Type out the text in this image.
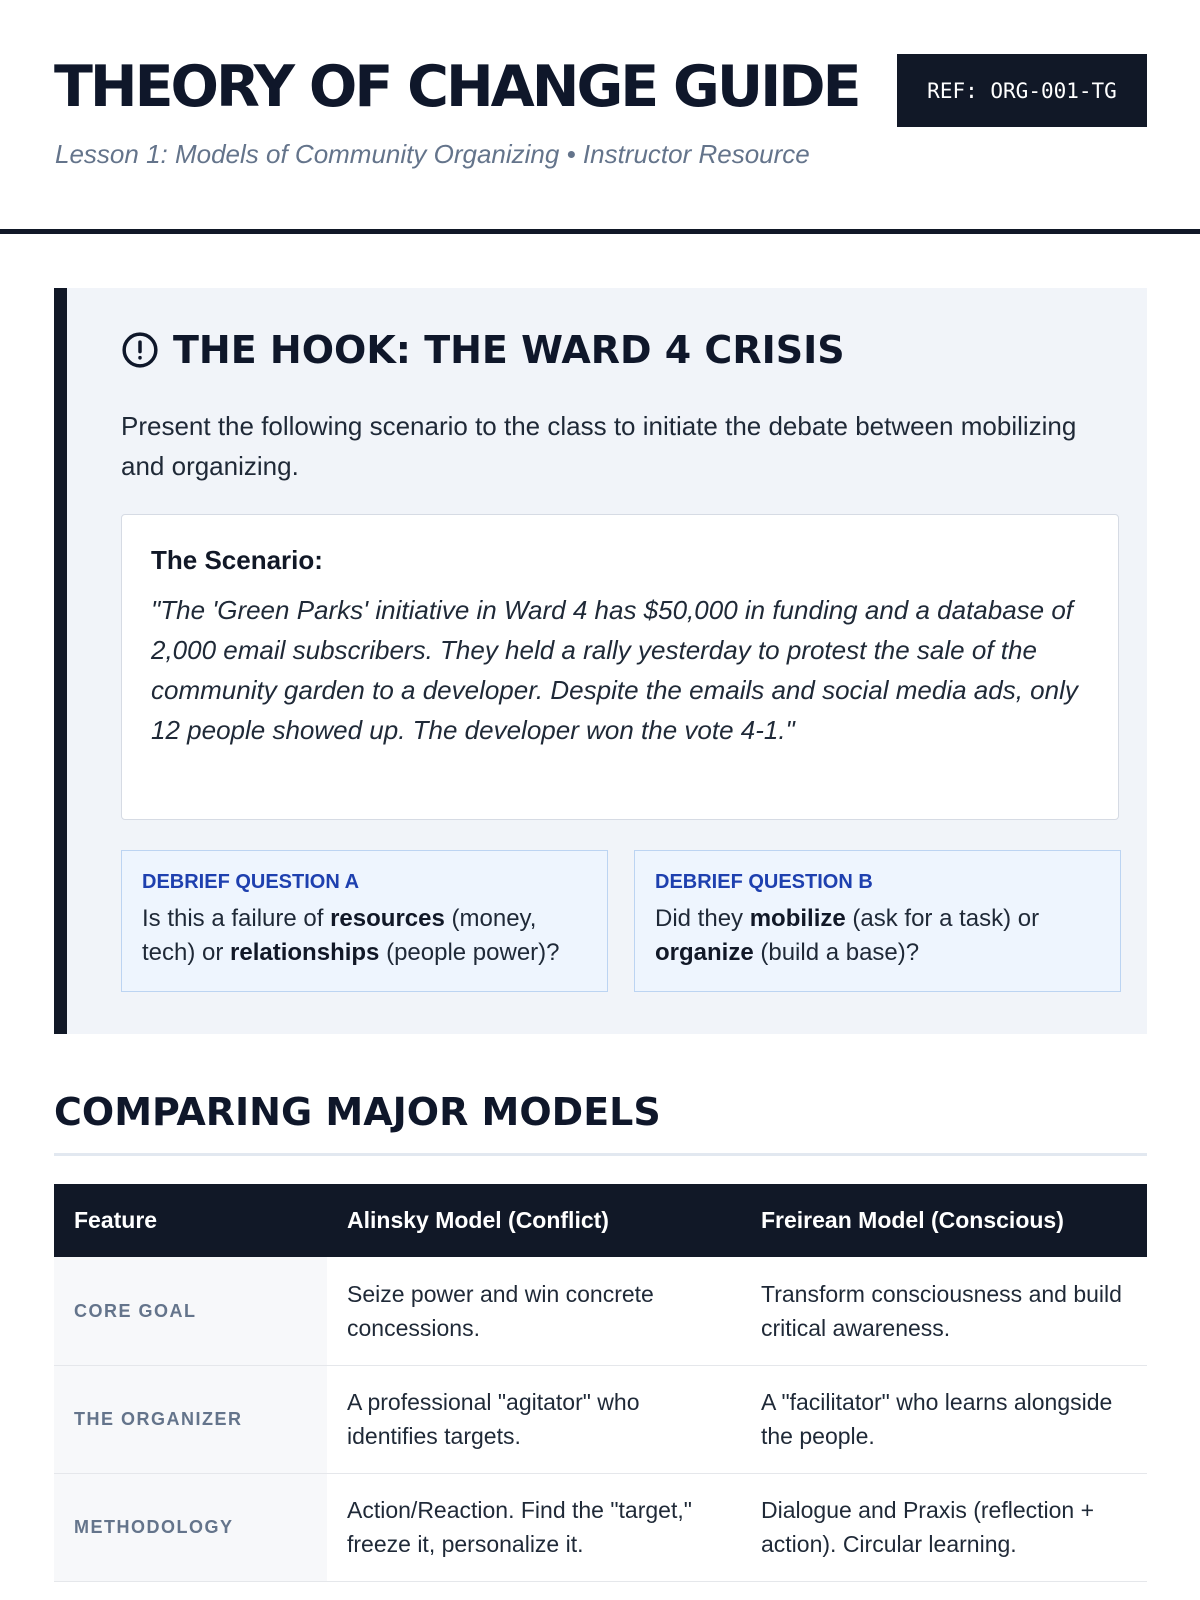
THEORY OF CHANGE GUIDE	REF: ORG-001-TG
Lesson 1: Models of Community Organizing • Instructor Resource
THE HOOK: THE WARD 4 CRISIS
Present the following scenario to the class to initiate the debate between mobilizing and organizing.
The Scenario:
"The 'Green Parks' initiative in Ward 4 has $50,000 in funding and a database of 2,000 email subscribers. They held a rally yesterday to protest the sale of the community garden to a developer. Despite the emails and social media ads, only 12 people showed up. The developer won the vote 4-1."
DEBRIEF QUESTION A
Is this a failure of resources (money, tech) or relationships (people power)?
DEBRIEF QUESTION B
Did they mobilize (ask for a task) or organize (build a base)?
COMPARING MAJOR MODELS
Feature	Alinsky Model (Conflict)	Freirean Model (Conscious)
CORE GOAL	Seize power and win concrete concessions.	Transform consciousness and build critical awareness.
THE ORGANIZER	A professional "agitator" who identifies targets.	A "facilitator" who learns alongside the people.
METHODOLOGY	Action/Reaction. Find the "target," freeze it, personalize it.	Dialogue and Praxis (reflection + action). Circular learning.
